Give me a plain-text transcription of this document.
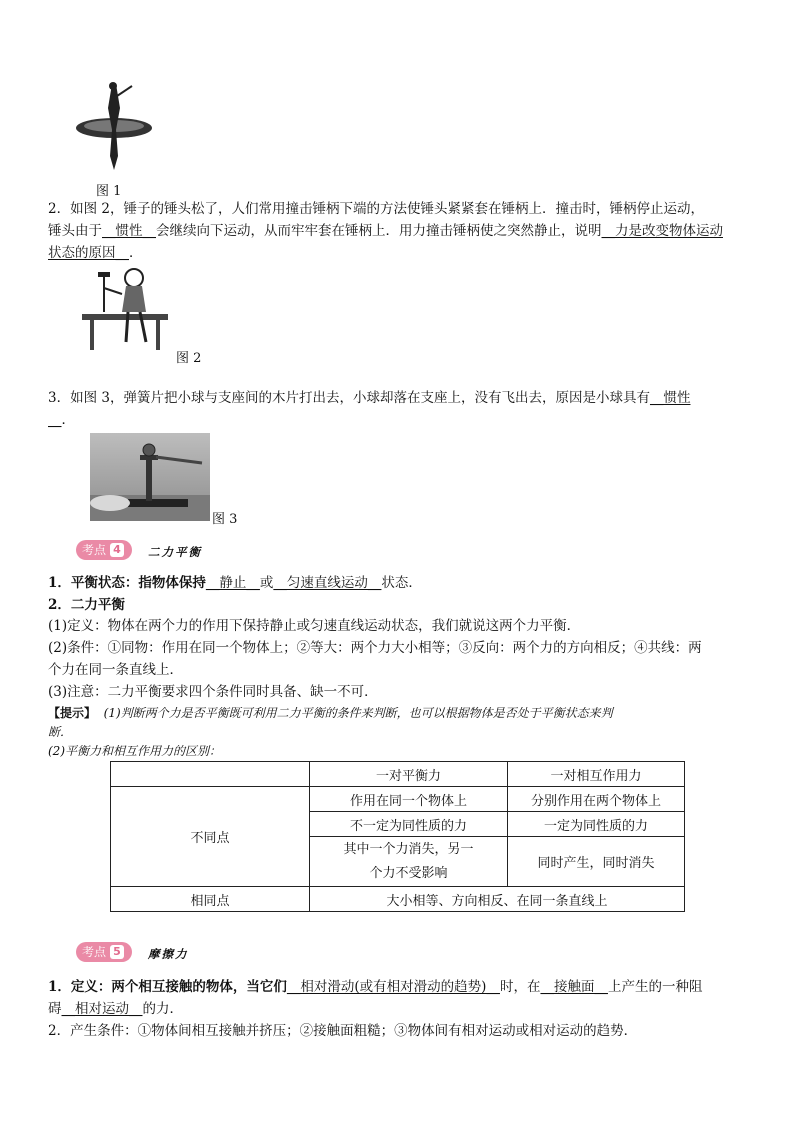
图 1
2．如图 2，锤子的锤头松了，人们常用撞击锤柄下端的方法使锤头紧紧套在锤柄上．撞击时，锤柄停止运动，
锤头由于__惯性__会继续向下运动，从而牢牢套在锤柄上．用力撞击锤柄使之突然静止，说明__力是改变物体运动
状态的原因__．
图 2
3．如图 3，弹簧片把小球与支座间的木片打出去，小球却落在支座上，没有飞出去，原因是小球具有__惯性
__．
图 3
考点 4 二力平衡
1．平衡状态：指物体保持__静止__或__匀速直线运动__状态．
2．二力平衡
(1)定义：物体在两个力的作用下保持静止或匀速直线运动状态，我们就说这两个力平衡．
(2)条件：①同物：作用在同一个物体上；②等大：两个力大小相等；③反向：两个力的方向相反；④共线：两
个力在同一条直线上．
(3)注意：二力平衡要求四个条件同时具备、缺一不可．
【提示】 (1)判断两个力是否平衡既可利用二力平衡的条件来判断，也可以根据物体是否处于平衡状态来判
断．
(2)平衡力和相互作用力的区别：
	一对平衡力	一对相互作用力
不同点	作用在同一个物体上	分别作用在两个物体上
	不一定为同性质的力	一定为同性质的力

	其中一个力消失，另一
个力不受影响	同时产生，同时消失
相同点	大小相等、方向相反、在同一条直线上	
考点 5 摩擦力
1．定义：两个相互接触的物体，当它们__相对滑动(或有相对滑动的趋势)__时，在__接触面__上产生的一种阻
碍__相对运动__的力．
2．产生条件：①物体间相互接触并挤压；②接触面粗糙；③物体间有相对运动或相对运动的趋势．
